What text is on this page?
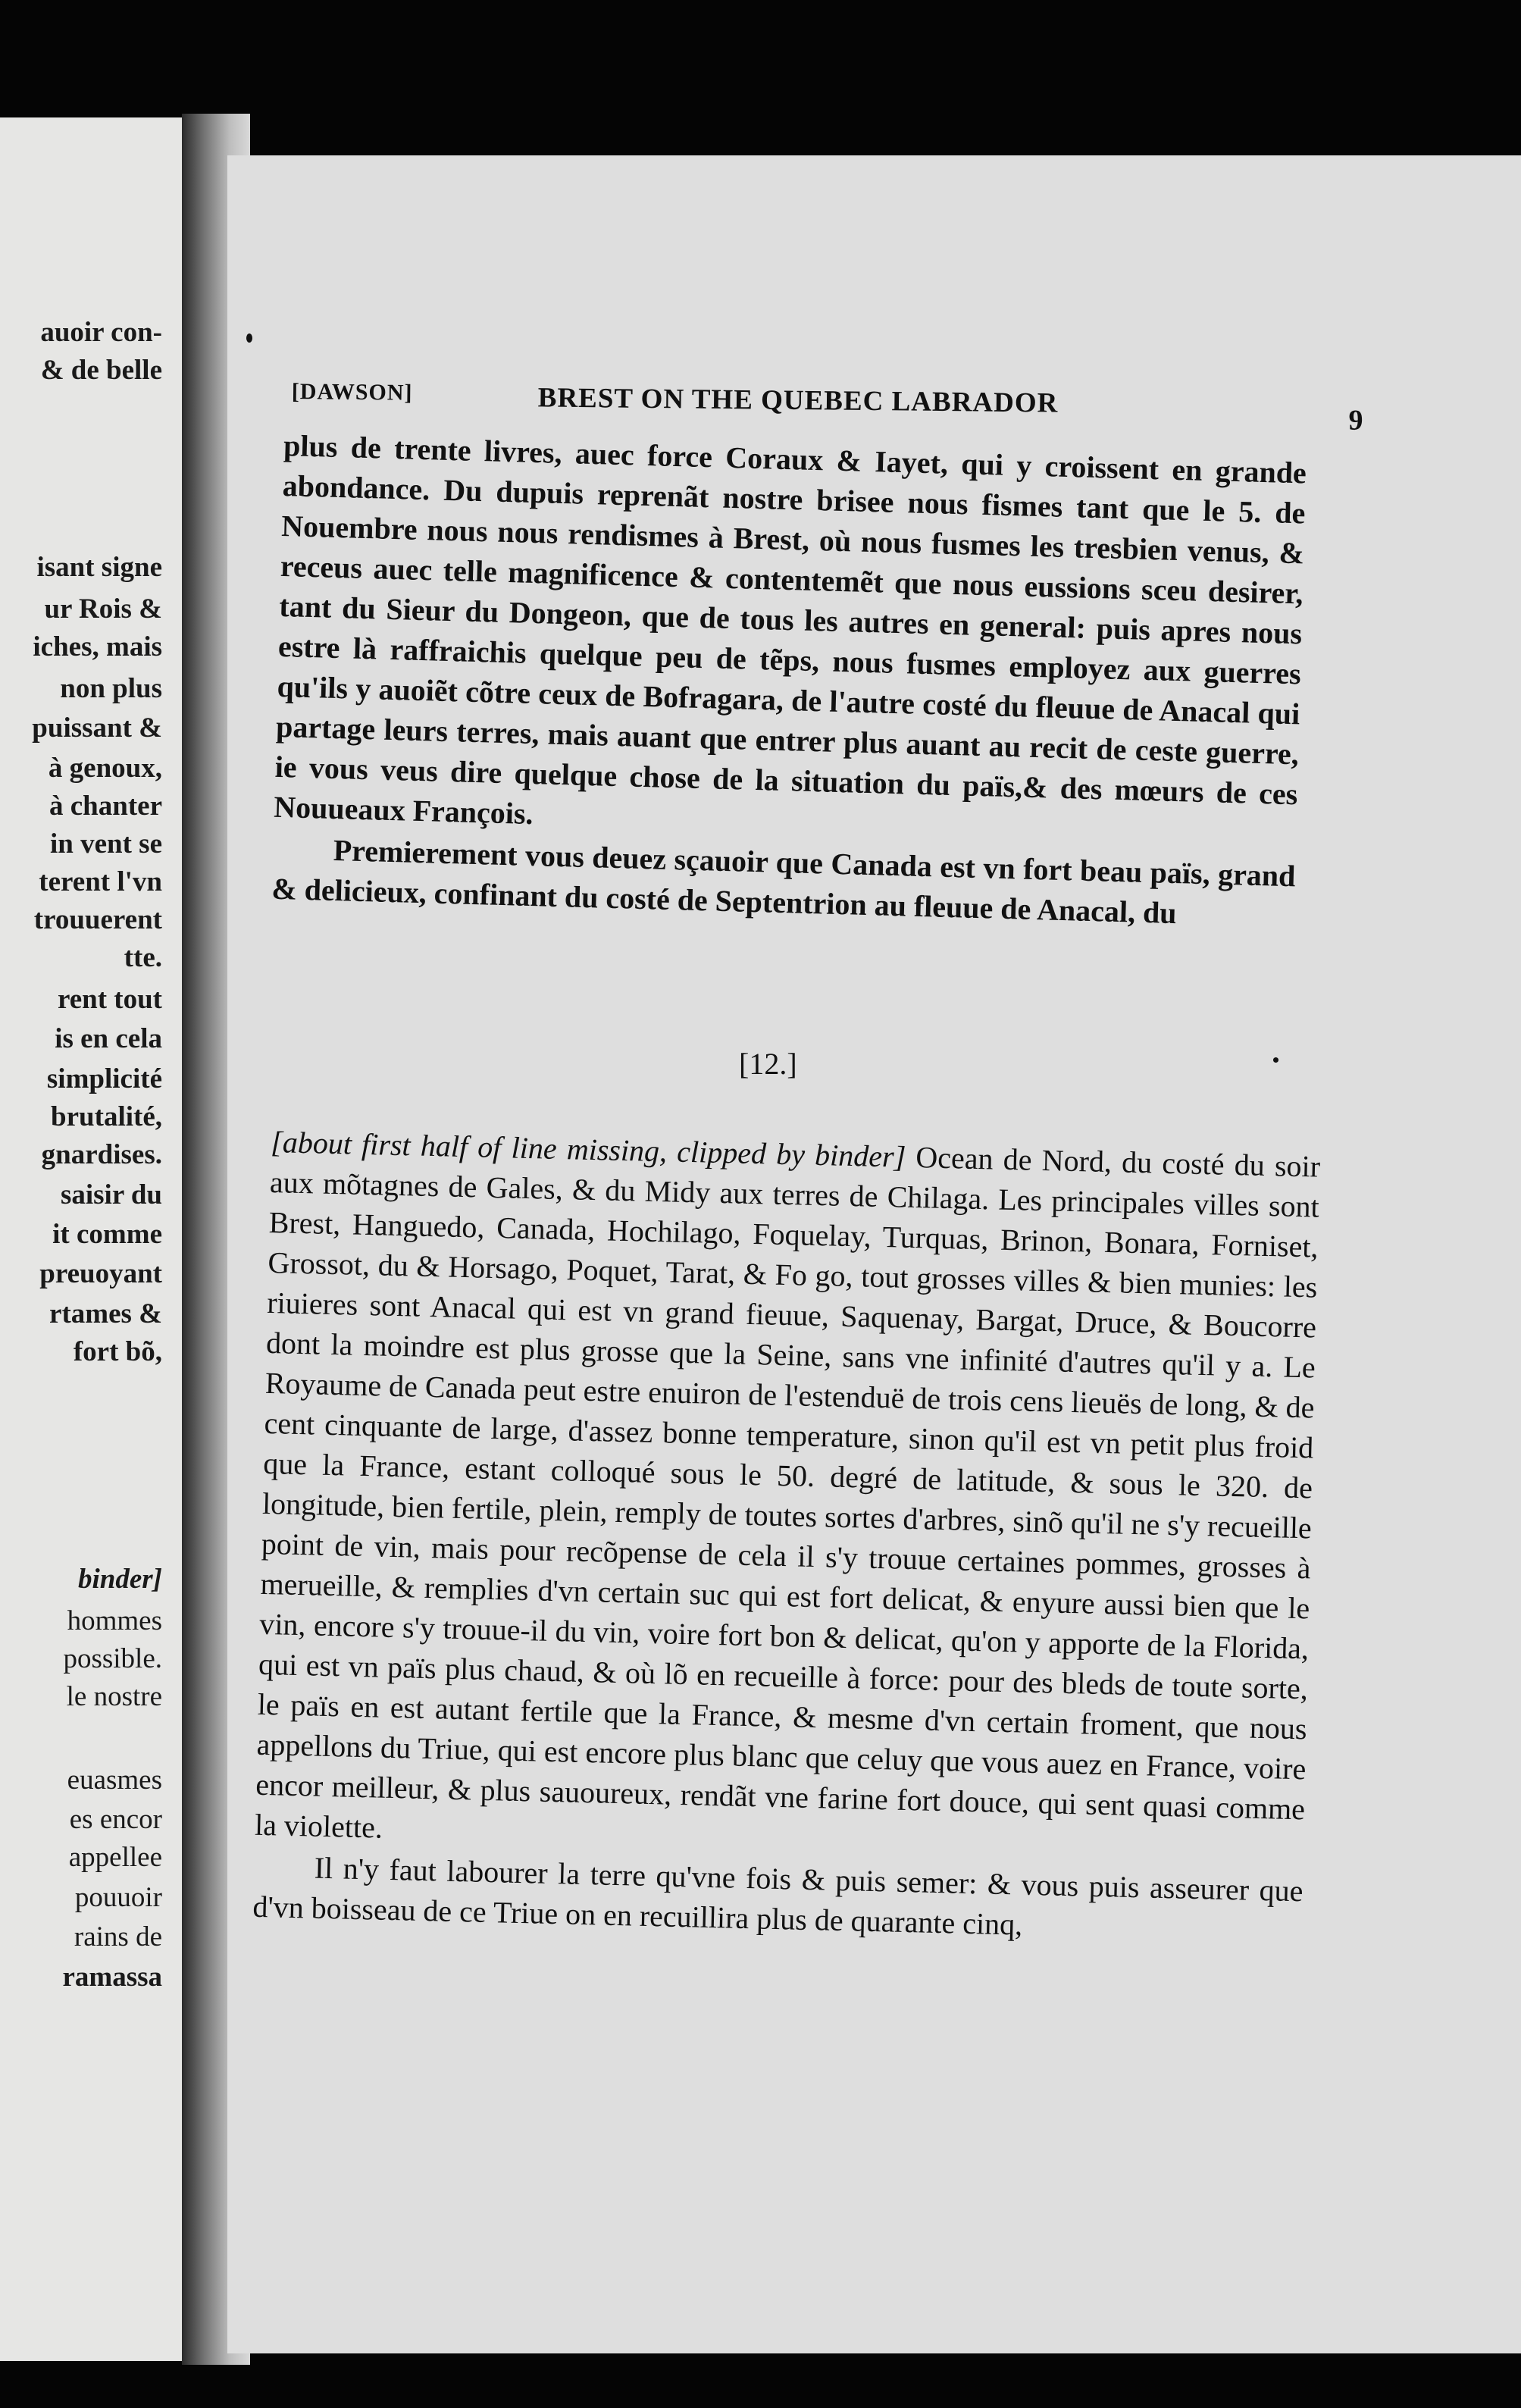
auoir con-
& de belle
isant signe
ur Rois &
iches, mais
non plus
puissant &
à genoux,
à chanter
in vent se
terent l'vn
trouuerent
tte.
rent tout
is en cela
simplicité
brutalité,
gnardises.
saisir du
it comme
preuoyant
rtames &
fort bõ,
binder]
hommes
possible.
le nostre
euasmes
es encor
appellee
pouuoir
rains de
ramassa
[DAWSON]	BREST ON THE QUEBEC LABRADOR
9

plus de trente livres, auec force Coraux & Iayet, qui y croissent en grande abondance. Du dupuis reprenãt nostre brisee nous fismes tant que le 5. de Nouembre nous nous rendismes à Brest, où nous fusmes les tresbien venus, & receus auec telle magnificence & contentemẽt que nous eussions sceu desirer, tant du Sieur du Dongeon, que de tous les autres en general: puis apres nous estre là raffraichis quelque peu de tẽps, nous fusmes employez aux guerres qu'ils y auoiẽt cõtre ceux de Bofragara, de l'autre costé du fleuue de Anacal qui partage leurs terres, mais auant que entrer plus auant au recit de ceste guerre, ie vous veus dire quelque chose de la situation du païs,& des mœurs de ces Nouueaux François.

Premierement vous deuez sçauoir que Canada est vn fort beau païs, grand & delicieux, confinant du costé de Septentrion au fleuue de Anacal, du

[12.]

[about first half of line missing, clipped by binder] Ocean de Nord, du costé du soir aux mõtagnes de Gales, & du Midy aux terres de Chilaga. Les principales villes sont Brest, Hanguedo, Canada, Hochilago, Foquelay, Turquas, Brinon, Bonara, Forniset, Grossot, du & Horsago, Poquet, Tarat, & Fo go, tout grosses villes & bien munies: les riuieres sont Anacal qui est vn grand fieuue, Saquenay, Bargat, Druce, & Boucorre dont la moindre est plus grosse que la Seine, sans vne infinité d'autres qu'il y a. Le Royaume de Canada peut estre enuiron de l'estenduë de trois cens lieuës de long, & de cent cinquante de large, d'assez bonne temperature, sinon qu'il est vn petit plus froid que la France, estant colloqué sous le 50. degré de latitude, & sous le 320. de longitude, bien fertile, plein, remply de toutes sortes d'arbres, sinõ qu'il ne s'y recueille point de vin, mais pour recõpense de cela il s'y trouue certaines pommes, grosses à merueille, & remplies d'vn certain suc qui est fort delicat, & enyure aussi bien que le vin, encore s'y trouue-il du vin, voire fort bon & delicat, qu'on y apporte de la Florida, qui est vn païs plus chaud, & où lõ en recueille à force: pour des bleds de toute sorte, le païs en est autant fertile que la France, & mesme d'vn certain froment, que nous appellons du Triue, qui est encore plus blanc que celuy que vous auez en France, voire encor meilleur, & plus sauoureux, rendãt vne farine fort douce, qui sent quasi comme la violette.

Il n'y faut labourer la terre qu'vne fois & puis semer: & vous puis asseurer que d'vn boisseau de ce Triue on en recuillira plus de quarante cinq,
